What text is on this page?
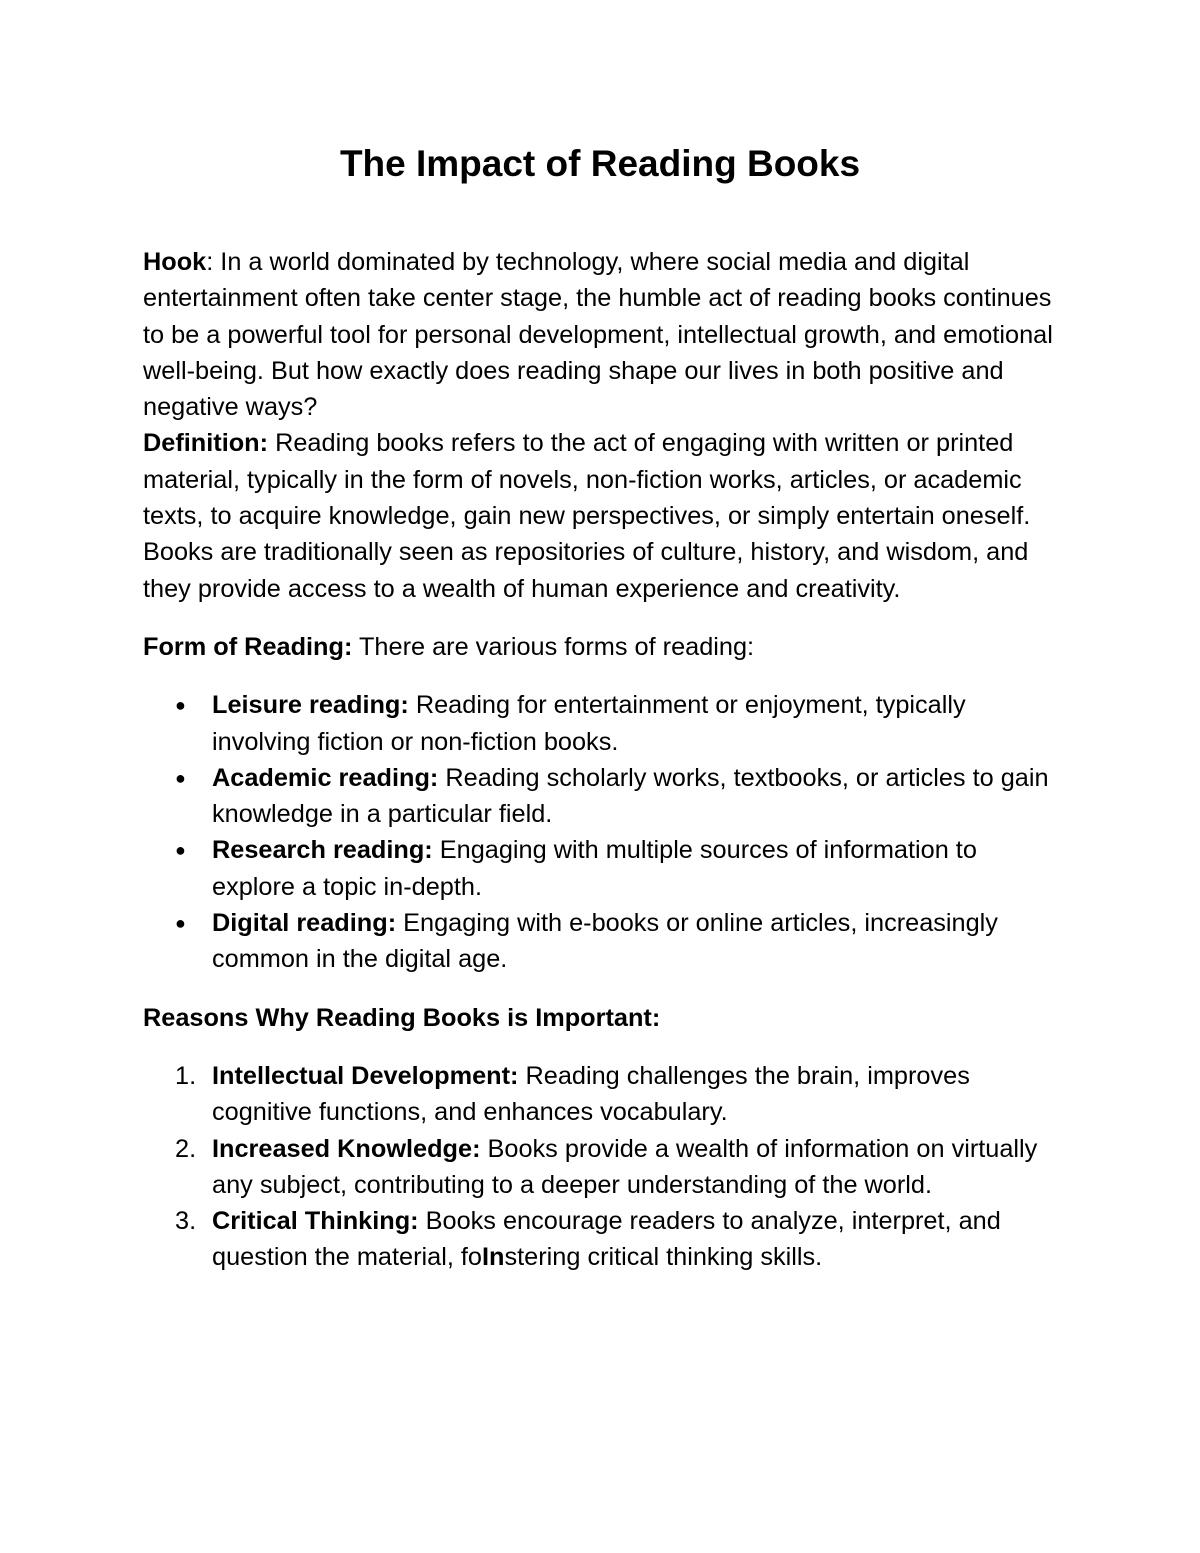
The Impact of Reading Books

Hook: In a world dominated by technology, where social media and digital entertainment often take center stage, the humble act of reading books continues to be a powerful tool for personal development, intellectual growth, and emotional well-being. But how exactly does reading shape our lives in both positive and negative ways?

Definition: Reading books refers to the act of engaging with written or printed material, typically in the form of novels, non-fiction works, articles, or academic texts, to acquire knowledge, gain new perspectives, or simply entertain oneself. Books are traditionally seen as repositories of culture, history, and wisdom, and they provide access to a wealth of human experience and creativity.

Form of Reading: There are various forms of reading:

● Leisure reading: Reading for entertainment or enjoyment, typically involving fiction or non-fiction books.
● Academic reading: Reading scholarly works, textbooks, or articles to gain knowledge in a particular field.
● Research reading: Engaging with multiple sources of information to explore a topic in-depth.
● Digital reading: Engaging with e-books or online articles, increasingly common in the digital age.

Reasons Why Reading Books is Important:

1. Intellectual Development: Reading challenges the brain, improves cognitive functions, and enhances vocabulary.
2. Increased Knowledge: Books provide a wealth of information on virtually any subject, contributing to a deeper understanding of the world.
3. Critical Thinking: Books encourage readers to analyze, interpret, and question the material, foInstering critical thinking skills.
